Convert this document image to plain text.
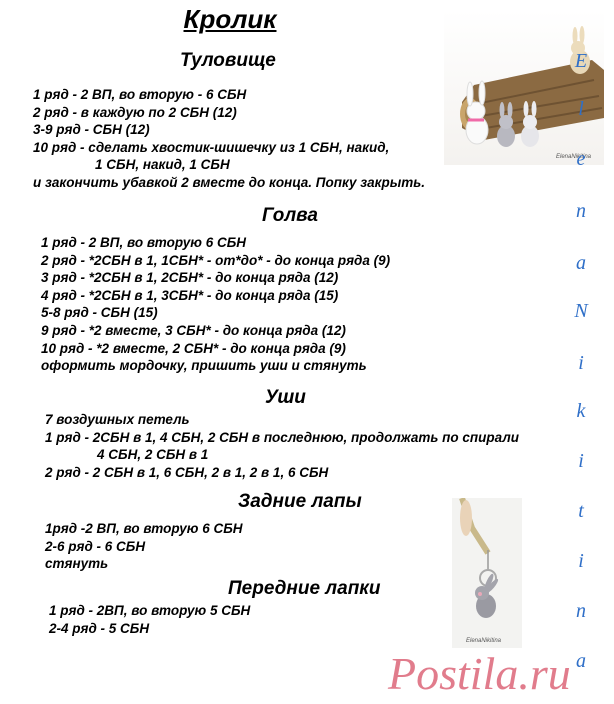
Кролик
Туловище
1 ряд - 2 ВП, во вторую - 6 СБН
2 ряд - в каждую по 2 СБН (12)
3-9 ряд - СБН (12)
10 ряд - сделать хвостик-шишечку из 1 СБН, накид,
1 СБН, накид, 1 СБН
и закончить убавкой 2 вместе до конца. Попку закрыть.
Голва
1 ряд - 2 ВП, во вторую 6 СБН
2 ряд - *2СБН в 1, 1СБН* - от*до* - до конца ряда (9)
3 ряд - *2СБН в 1, 2СБН* - до конца ряда (12)
4 ряд - *2СБН в 1, 3СБН* - до конца ряда (15)
5-8 ряд - СБН (15)
9 ряд - *2 вместе, 3 СБН* - до конца ряда (12)
10 ряд - *2 вместе, 2 СБН* - до конца ряда (9)
оформить мордочку, пришить уши и стянуть
Уши
7 воздушных петель
1 ряд - 2СБН в 1, 4 СБН, 2 СБН в последнюю, продолжать по спирали
4 СБН, 2 СБН в 1
2 ряд - 2 СБН в 1, 6 СБН, 2 в 1, 2 в 1, 6 СБН
Задние лапы
1ряд -2 ВП, во вторую 6 СБН
2-6 ряд - 6 СБН
стянуть
Передние лапки
1 ряд - 2ВП, во вторую 5 СБН
2-4 ряд - 5 СБН
ElenaNikitina
ElenaNikitina
E
l
e
n
a
N
i
k
i
t
i
n
a
Postila.ru
